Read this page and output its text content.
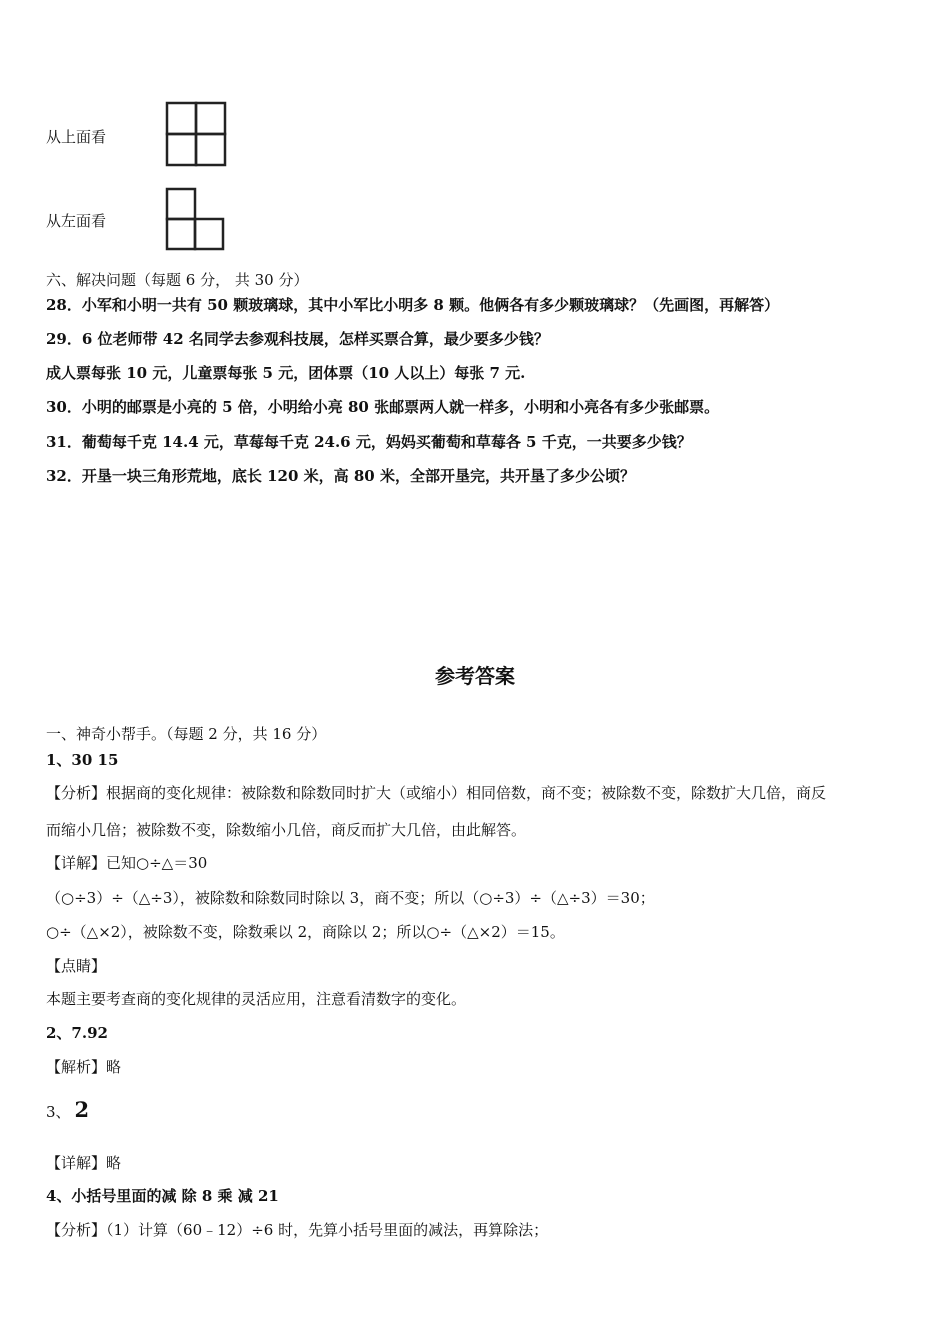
从上面看
从左面看
六、解决问题（每题 6 分， 共 30 分）
28．小军和小明一共有 50 颗玻璃球，其中小军比小明多 8 颗。他俩各有多少颗玻璃球？（先画图，再解答）
29．6 位老师带 42 名同学去参观科技展，怎样买票合算，最少要多少钱？
成人票每张 10 元，儿童票每张 5 元，团体票（10 人以上）每张 7 元.
30．小明的邮票是小亮的 5 倍，小明给小亮 80 张邮票两人就一样多，小明和小亮各有多少张邮票。
31．葡萄每千克 14.4 元，草莓每千克 24.6 元，妈妈买葡萄和草莓各 5 千克，一共要多少钱？
32．开垦一块三角形荒地，底长 120 米，高 80 米，全部开垦完，共开垦了多少公顷？
参考答案
一、神奇小帮手。（每题 2 分，共 16 分）
1、30 15
【分析】根据商的变化规律：被除数和除数同时扩大（或缩小）相同倍数，商不变；被除数不变，除数扩大几倍，商反
而缩小几倍；被除数不变，除数缩小几倍，商反而扩大几倍，由此解答。
【详解】已知○÷△＝30
（○÷3）÷（△÷3），被除数和除数同时除以 3，商不变；所以（○÷3）÷（△÷3）＝30；
○÷（△×2），被除数不变，除数乘以 2，商除以 2；所以○÷（△×2）＝15。
【点睛】
本题主要考查商的变化规律的灵活应用，注意看清数字的变化。
2、7.92
【解析】略
3、 2
【详解】略
4、小括号里面的减 除 8 乘 减 21
【分析】（1）计算（60﹣12）÷6 时，先算小括号里面的减法，再算除法；
